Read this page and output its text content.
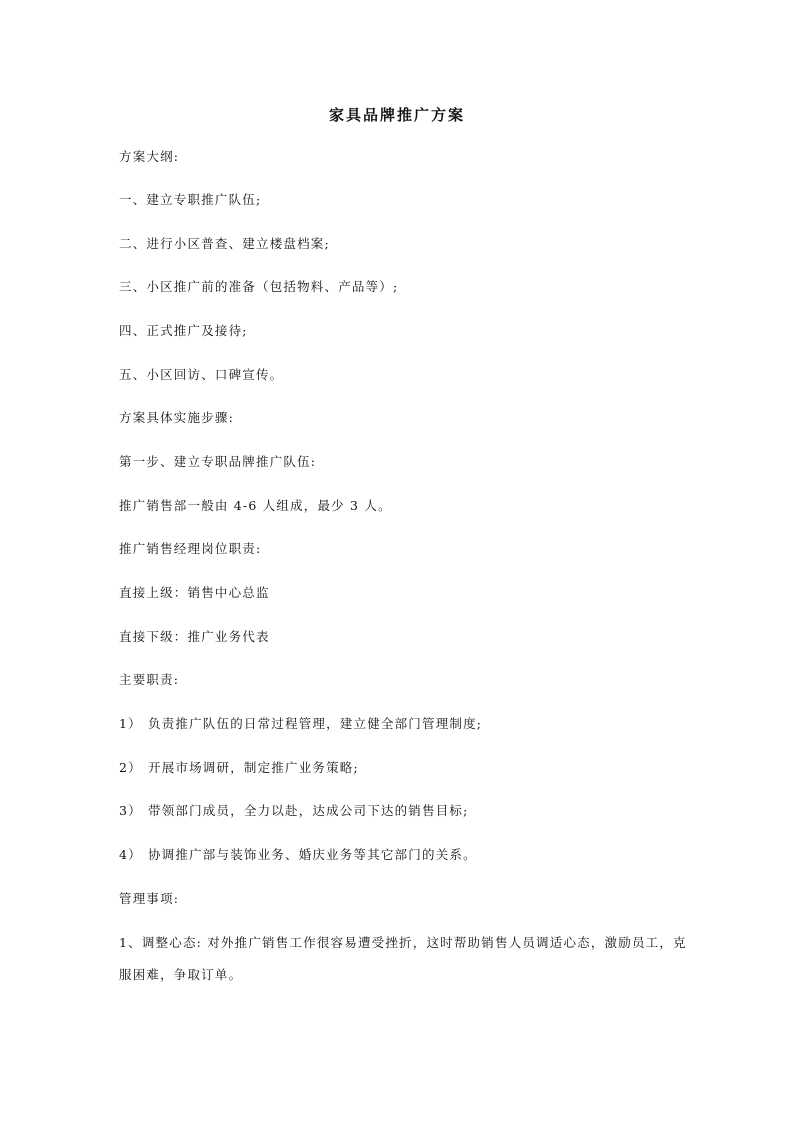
家具品牌推广方案
方案大纲:
一、建立专职推广队伍;
二、进行小区普查、建立楼盘档案;
三、小区推广前的准备（包括物料、产品等）;
四、正式推广及接待;
五、小区回访、口碑宣传。
方案具体实施步骤:
第一步、建立专职品牌推广队伍:
推广销售部一般由 4-6 人组成，最少 3 人。
推广销售经理岗位职责:
直接上级：销售中心总监
直接下级：推广业务代表
主要职责:
1） 负责推广队伍的日常过程管理，建立健全部门管理制度;
2） 开展市场调研，制定推广业务策略;
3） 带领部门成员，全力以赴，达成公司下达的销售目标;
4） 协调推广部与装饰业务、婚庆业务等其它部门的关系。
管理事项:
1、调整心态: 对外推广销售工作很容易遭受挫折，这时帮助销售人员调适心态，激励员工，克服困难，争取订单。
